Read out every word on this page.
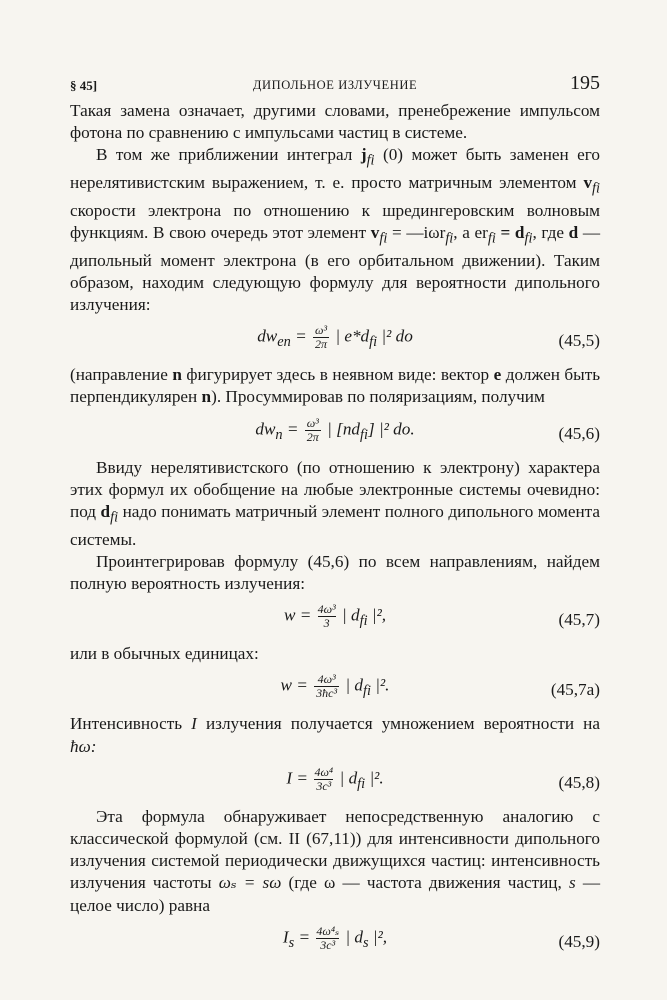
§ 45]	ДИПОЛЬНОЕ ИЗЛУЧЕНИЕ	195

Такая замена означает, другими словами, пренебрежение импульсом фотона по сравнению с импульсами частиц в системе.

В том же приближении интеграл $j_{fi}$ (0) может быть заменен его нерелятивистским выражением, т. е. просто матричным элементом $v_{fi}$ скорости электрона по отношению к шредингеровским волновым функциям. В свою очередь этот элемент $v_{fi}$ = —iωr$_{fi}$, а $er_{fi} = d_{fi}$, где d — дипольный момент электрона (в его орбитальном движении). Таким образом, находим следующую формулу для вероятности дипольного излучения:

$dw_{en} = \frac{\text{ω³}}{2\pi}$ | $e*d_{fi}$ |² do	(45,5)

(направление n фигурирует здесь в неявном виде: вектор e должен быть перпендикулярен n). Просуммировав по поляризациям, получим

$dw_n = \frac{\text{ω³}}{2\pi}$ | $[nd_{fi}]$ |² do.	(45,6)

Ввиду нерелятивистского (по отношению к электрону) характера этих формул их обобщение на любые электронные системы очевидно: под $d_{fi}$ надо понимать матричный элемент полного дипольного момента системы.

Проинтегрировав формулу (45,6) по всем направлениям, найдем полную вероятность излучения:

$w = \frac{\text{4ω³}}{3}$ | $d_{fi}$ |²,	(45,7)

или в обычных единицах:

$w = \frac{\text{4ω³}}{\text{3ħc³}}$ | $d_{fi}$ |².	(45,7а)

Интенсивность I излучения получается умножением вероятности на ħω:

$I = \frac{\text{4ω⁴}}{\text{3c³}}$ | $d_{fi}$ |².	(45,8)

Эта формула обнаруживает непосредственную аналогию с классической формулой (см. II (67,11)) для интенсивности дипольного излучения системой периодически движущихся частиц: интенсивность излучения частоты ωₛ = sω (где ω — частота движения частиц, s — целое число) равна

$I_s = \frac{\text{4ω⁴ₛ}}{\text{3c³}}$ | $d_s$ |²,	(45,9)
